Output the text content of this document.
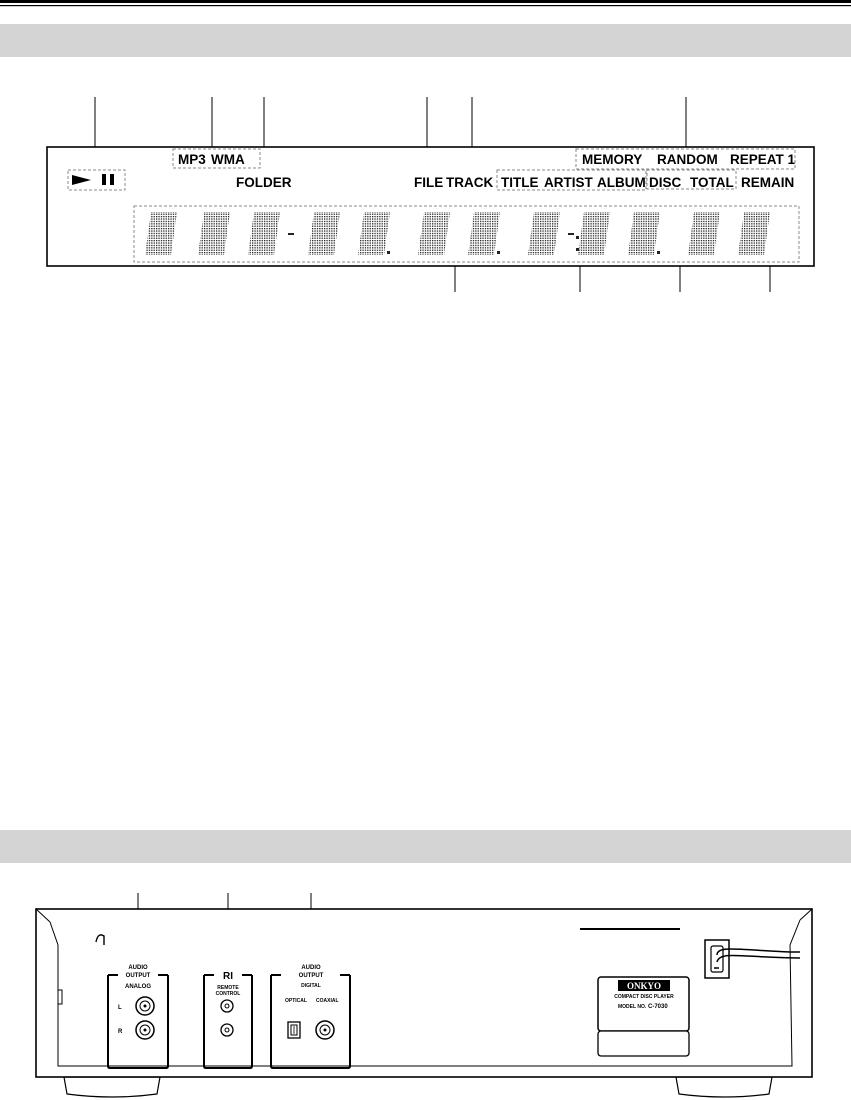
MP3 WMA
FOLDER	FILE TRACK
MEMORY RANDOM REPEAT 1
TITLE ARTIST ALBUM DISC TOTAL REMAIN
AUDIO
OUTPUT
ANALOG
L
R
RI
REMOTE
CONTROL
AUDIO
OUTPUT
DIGITAL
OPTICAL COAXIAL
ONKYO
COMPACT DISC PLAYER
MODEL NO. C-7030
